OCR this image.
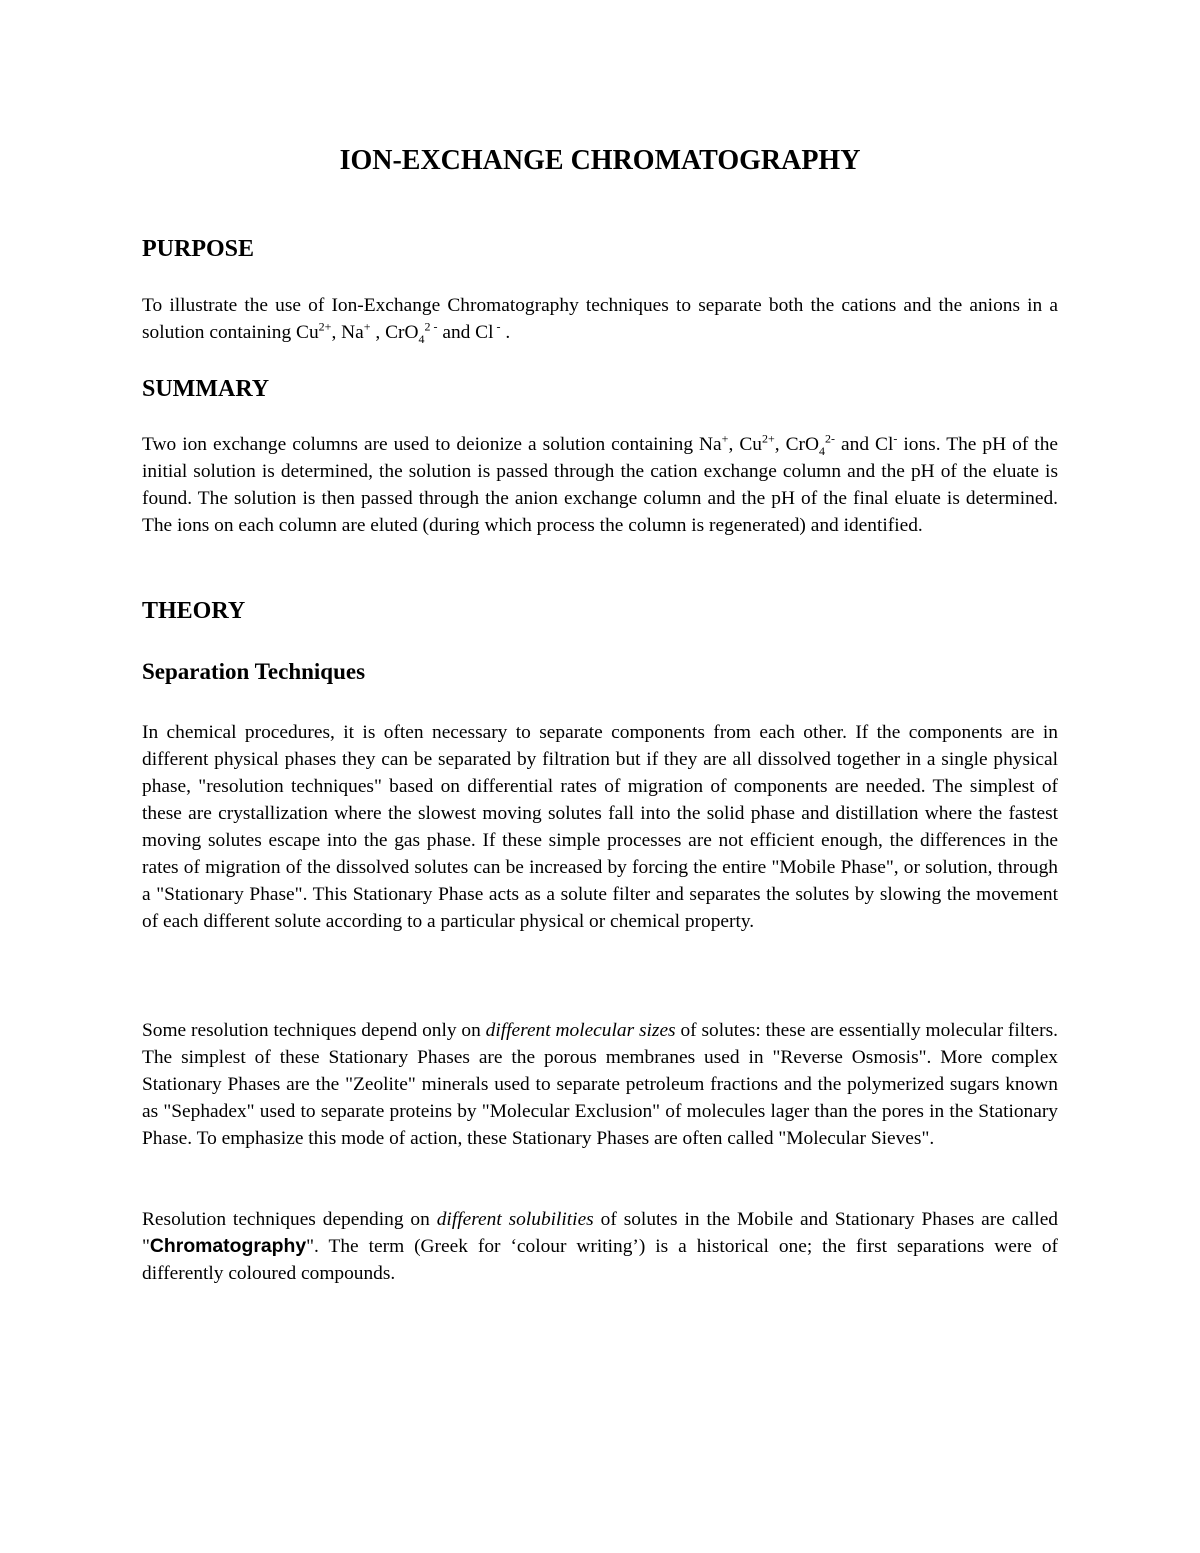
ION-EXCHANGE CHROMATOGRAPHY
PURPOSE

To illustrate the use of Ion-Exchange Chromatography techniques to separate both the cations and the anions in a solution containing $Cu^{2+}$, Na+ , CrO$_4^{2 -}$ and Cl - .

SUMMARY

Two ion exchange columns are used to deionize a solution containing Na+, $Cu^{2+}$, CrO$_4^{2-}$ and Cl- ions. The pH of the initial solution is determined, the solution is passed through the cation exchange column and the pH of the eluate is found. The solution is then passed through the anion exchange column and the pH of the final eluate is determined. The ions on each column are eluted (during which process the column is regenerated) and identified.

THEORY
Separation Techniques

In chemical procedures, it is often necessary to separate components from each other. If the components are in different physical phases they can be separated by filtration but if they are all dissolved together in a single physical phase, "resolution techniques" based on differential rates of migration of components are needed. The simplest of these are crystallization where the slowest moving solutes fall into the solid phase and distillation where the fastest moving solutes escape into the gas phase. If these simple processes are not efficient enough, the differences in the rates of migration of the dissolved solutes can be increased by forcing the entire "Mobile Phase", or solution, through a "Stationary Phase". This Stationary Phase acts as a solute filter and separates the solutes by slowing the movement of each different solute according to a particular physical or chemical property.

Some resolution techniques depend only on different molecular sizes of solutes: these are essentially molecular filters. The simplest of these Stationary Phases are the porous membranes used in "Reverse Osmosis". More complex Stationary Phases are the "Zeolite" minerals used to separate petroleum fractions and the polymerized sugars known as "Sephadex" used to separate proteins by "Molecular Exclusion" of molecules lager than the pores in the Stationary Phase. To emphasize this mode of action, these Stationary Phases are often called "Molecular Sieves".

Resolution techniques depending on different solubilities of solutes in the Mobile and Stationary Phases are called "Chromatography". The term (Greek for ‘colour writing’) is a historical one; the first separations were of differently coloured compounds.
